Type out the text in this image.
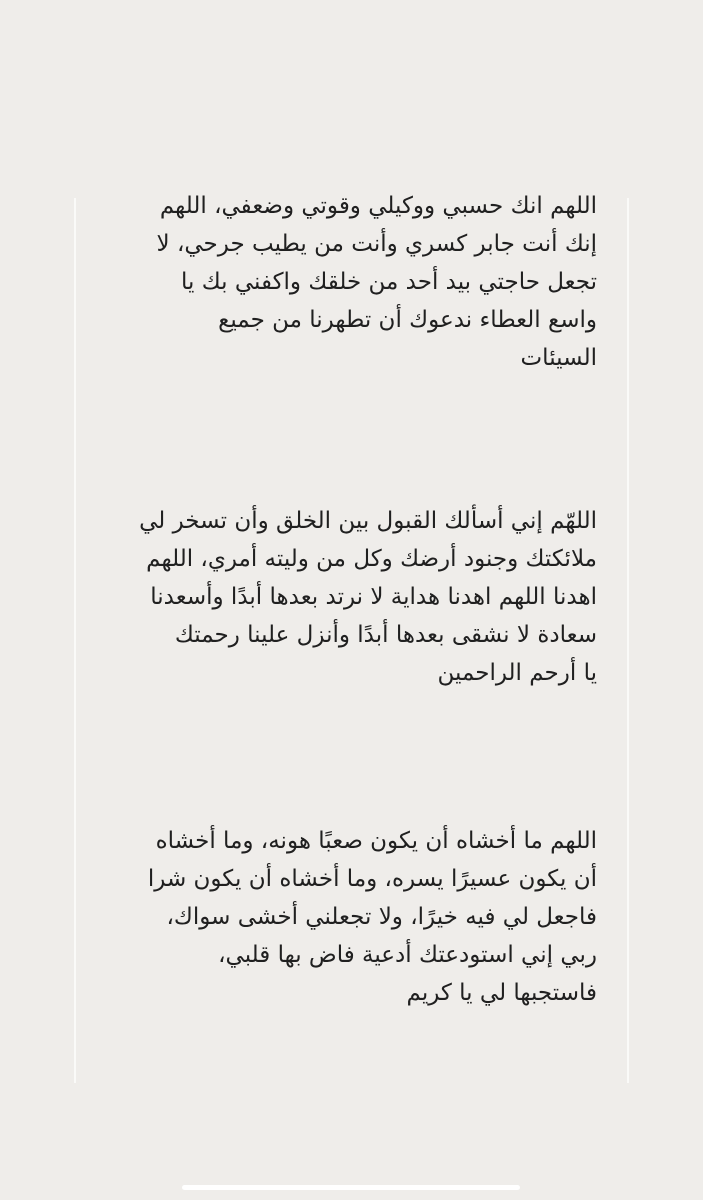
اللهم انك حسبي ووكيلي وقوتي وضعفي، اللهم
إنك أنت جابر كسري وأنت من يطيب جرحي، لا
تجعل حاجتي بيد أحد من خلقك واكفني بك يا
واسع العطاء ندعوك أن تطهرنا من جميع
السيئات
اللهّم إني أسألك القبول بين الخلق وأن تسخر لي
ملائكتك وجنود أرضك وكل من وليته أمري، اللهم
اهدنا اللهم اهدنا هداية لا نرتد بعدها أبدًا وأسعدنا
سعادة لا نشقى بعدها أبدًا وأنزل علينا رحمتك
يا أرحم الراحمين
اللهم ما أخشاه أن يكون صعبًا هونه، وما أخشاه
أن يكون عسيرًا يسره، وما أخشاه أن يكون شرا
فاجعل لي فيه خيرًا، ولا تجعلني أخشى سواك،
ربي إني استودعتك أدعية فاض بها قلبي،
فاستجبها لي يا كريم
